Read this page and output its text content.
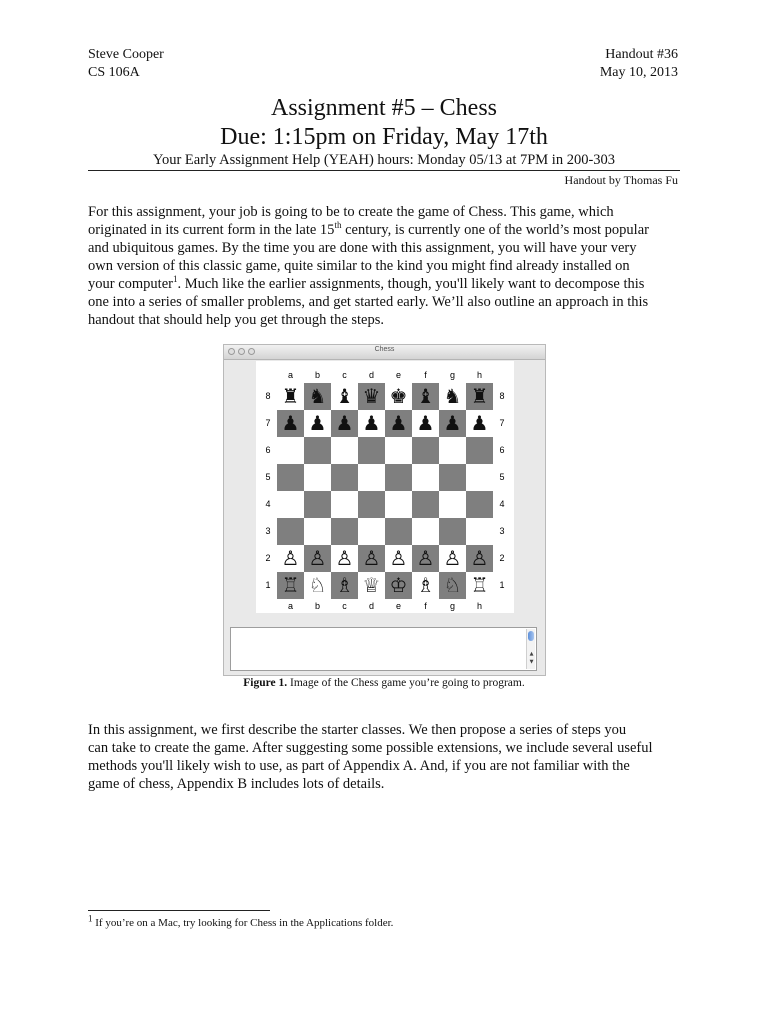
Steve Cooper
CS 106A
Handout #36
May 10, 2013
Assignment #5 – Chess
Due: 1:15pm on Friday, May 17th
Your Early Assignment Help (YEAH) hours: Monday 05/13 at 7PM in 200-303
Handout by Thomas Fu
For this assignment, your job is going to be to create the game of Chess. This game, which
originated in its current form in the late 15th century, is currently one of the world’s most popular
and ubiquitous games. By the time you are done with this assignment, you will have your very
own version of this classic game, quite similar to the kind you might find already installed on
your computer$^1$. Much like the earlier assignments, though, you'll likely want to decompose this
one into a series of smaller problems, and get started early. We’ll also outline an approach in this
handout that should help you get through the steps.
Chess
a
a
b
b
c
c
d
d
e
e
f
f
g
g
h
h
8	8
7	7
6	6
5	5
4	4
3	3
2	2
1	1
♜ ♞ ♝ ♛ ♚ ♝ ♞ ♜
♟ ♟ ♟ ♟ ♟ ♟ ♟ ♟
♙ ♙ ♙ ♙ ♙ ♙ ♙ ♙
♖ ♘ ♗ ♕ ♔ ♗ ♘ ♖
▲
▼
Figure 1. Image of the Chess game you’re going to program.
In this assignment, we first describe the starter classes. We then propose a series of steps you
can take to create the game. After suggesting some possible extensions, we include several useful
methods you'll likely wish to use, as part of Appendix A. And, if you are not familiar with the
game of chess, Appendix B includes lots of details.
$^1$ If you’re on a Mac, try looking for Chess in the Applications folder.
